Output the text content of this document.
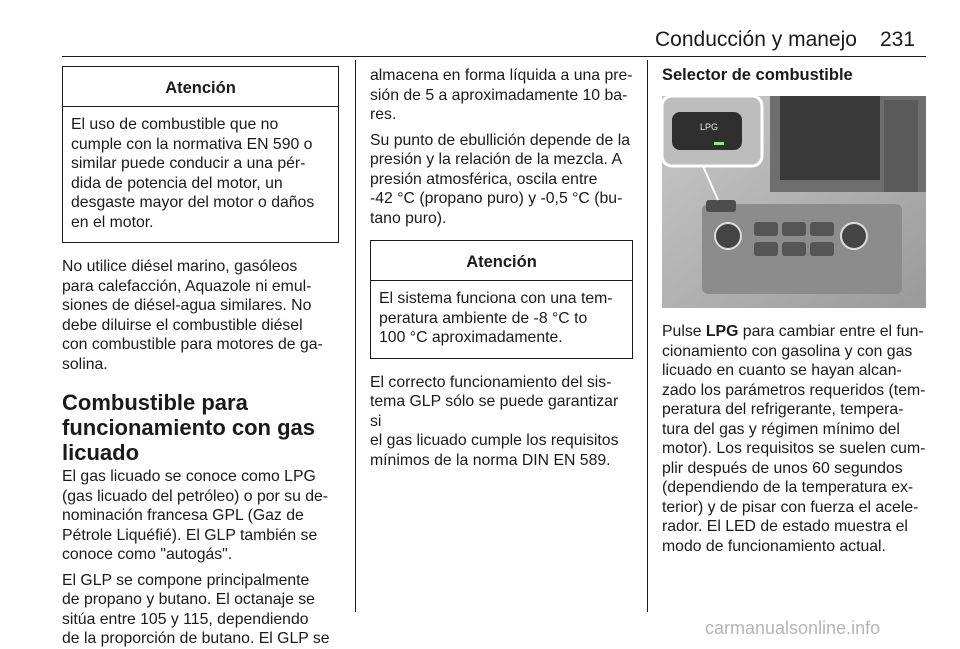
Conducción y manejo 231
Atención
El uso de combustible que no
cumple con la normativa EN 590 o
similar puede conducir a una pér-
dida de potencia del motor, un
desgaste mayor del motor o daños
en el motor.

No utilice diésel marino, gasóleos
para calefacción, Aquazole ni emul-
siones de diésel-agua similares. No
debe diluirse el combustible diésel
con combustible para motores de ga-
solina.

Combustible para
funcionamiento con gas
licuado

El gas licuado se conoce como LPG
(gas licuado del petróleo) o por su de-
nominación francesa GPL (Gaz de
Pétrole Liquéfié). El GLP también se
conoce como "autogás".

El GLP se compone principalmente
de propano y butano. El octanaje se
sitúa entre 105 y 115, dependiendo
de la proporción de butano. El GLP se

almacena en forma líquida a una pre-
sión de 5 a aproximadamente 10 ba-
res.

Su punto de ebullición depende de la
presión y la relación de la mezcla. A
presión atmosférica, oscila entre
-42 °C (propano puro) y -0,5 °C (bu-
tano puro).

Atención
El sistema funciona con una tem-
peratura ambiente de -8 °C to
100 °C aproximadamente.

El correcto funcionamiento del sis-
tema GLP sólo se puede garantizar si
el gas licuado cumple los requisitos
mínimos de la norma DIN EN 589.

Selector de combustible
LPG

Pulse LPG para cambiar entre el fun-
cionamiento con gasolina y con gas
licuado en cuanto se hayan alcan-
zado los parámetros requeridos (tem-
peratura del refrigerante, tempera-
tura del gas y régimen mínimo del
motor). Los requisitos se suelen cum-
plir después de unos 60 segundos
(dependiendo de la temperatura ex-
terior) y de pisar con fuerza el acele-
rador. El LED de estado muestra el
modo de funcionamiento actual.

carmanualsonline.info
